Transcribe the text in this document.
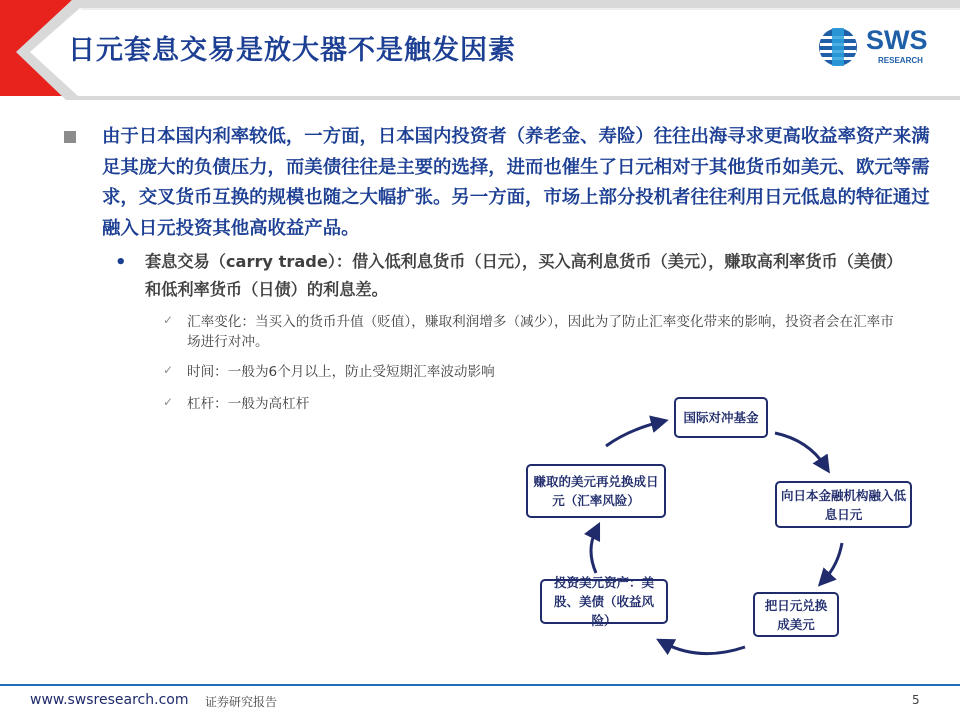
日元套息交易是放大器不是触发因素	SWS
RESEARCH

由于日本国内利率较低，一方面，日本国内投资者（养老金、寿险）往往出海寻求更高收益率资产来满足其庞大的负债压力，而美债往往是主要的选择，进而也催生了日元相对于其他货币如美元、欧元等需求，交叉货币互换的规模也随之大幅扩张。另一方面，市场上部分投机者往往利用日元低息的特征通过融入日元投资其他高收益产品。

• 套息交易（carry trade）：借入低利息货币（日元），买入高利息货币（美元），赚取高利率货币（美债）和低利率货币（日债）的利息差。

✓ 汇率变化：当买入的货币升值（贬值），赚取利润增多（减少），因此为了防止汇率变化带来的影响，投资者会在汇率市场进行对冲。

✓ 时间：一般为6个月以上，防止受短期汇率波动影响

✓ 杠杆：一般为高杠杆

国际对冲基金
向日本金融机构融入低息日元
把日元兑换成美元
投资美元资产：美股、美债（收益风险）
赚取的美元再兑换成日元（汇率风险）
www.swsresearch.com 证券研究报告	5
